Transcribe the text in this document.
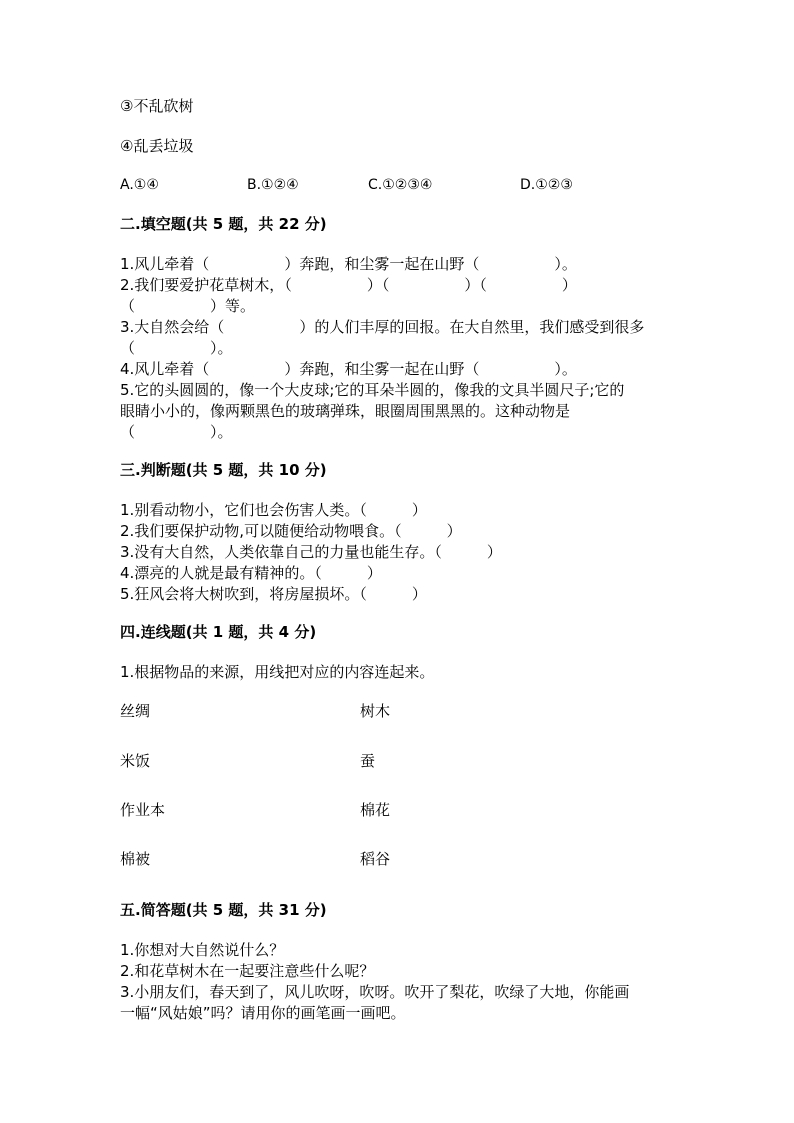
③不乱砍树
④乱丢垃圾
A.①④	B.①②④	C.①②③④	D.①②③
二.填空题(共 5 题，共 22 分)
1.风儿牵着（　　　　　）奔跑，和尘雾一起在山野（　　　　　）。
2.我们要爱护花草树木，（　　　　　）（　　　　　）（　　　　　）
（　　　　　）等。
3.大自然会给（　　　　　）的人们丰厚的回报。在大自然里，我们感受到很多
（　　　　　）。
4.风儿牵着（　　　　　）奔跑，和尘雾一起在山野（　　　　　）。
5.它的头圆圆的，像一个大皮球;它的耳朵半圆的，像我的文具半圆尺子;它的
眼睛小小的，像两颗黑色的玻璃弹珠，眼圈周围黑黑的。这种动物是
（　　　　　）。
三.判断题(共 5 题，共 10 分)
1.别看动物小，它们也会伤害人类。（　　　）
2.我们要保护动物,可以随便给动物喂食。（　　　）
3.没有大自然，人类依靠自己的力量也能生存。（　　　）
4.漂亮的人就是最有精神的。（　　　）
5.狂风会将大树吹到，将房屋损坏。（　　　）
四.连线题(共 1 题，共 4 分)
1.根据物品的来源，用线把对应的内容连起来。
丝绸	树木
米饭	蚕
作业本	棉花
棉被	稻谷
五.简答题(共 5 题，共 31 分)
1.你想对大自然说什么？
2.和花草树木在一起要注意些什么呢？
3.小朋友们，春天到了，风儿吹呀，吹呀。吹开了梨花，吹绿了大地，你能画
一幅“风姑娘”吗？请用你的画笔画一画吧。
